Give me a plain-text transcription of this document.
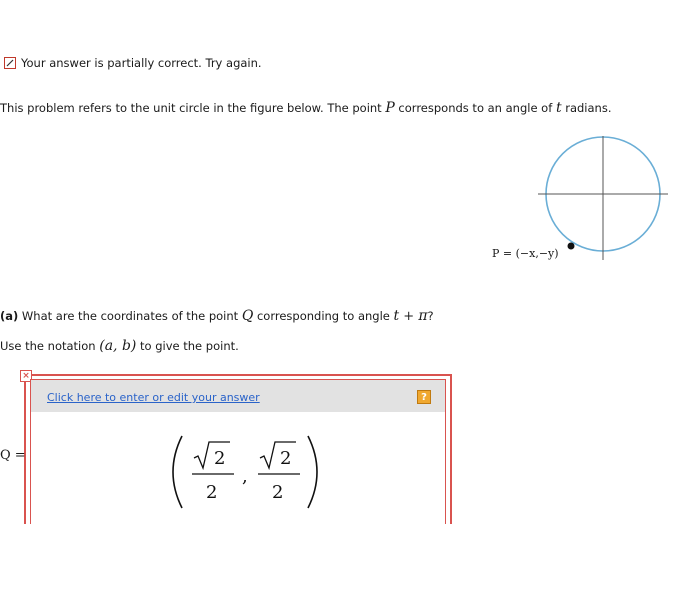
Your answer is partially correct. Try again.
This problem refers to the unit circle in the figure below. The point P corresponds to an angle of t radians.
P = (−x,−y)
(a) What are the coordinates of the point Q corresponding to angle t + π?
Use the notation (a, b) to give the point.
×
Click here to enter or edit your answer	?
Q =	2
2
,
2
2
